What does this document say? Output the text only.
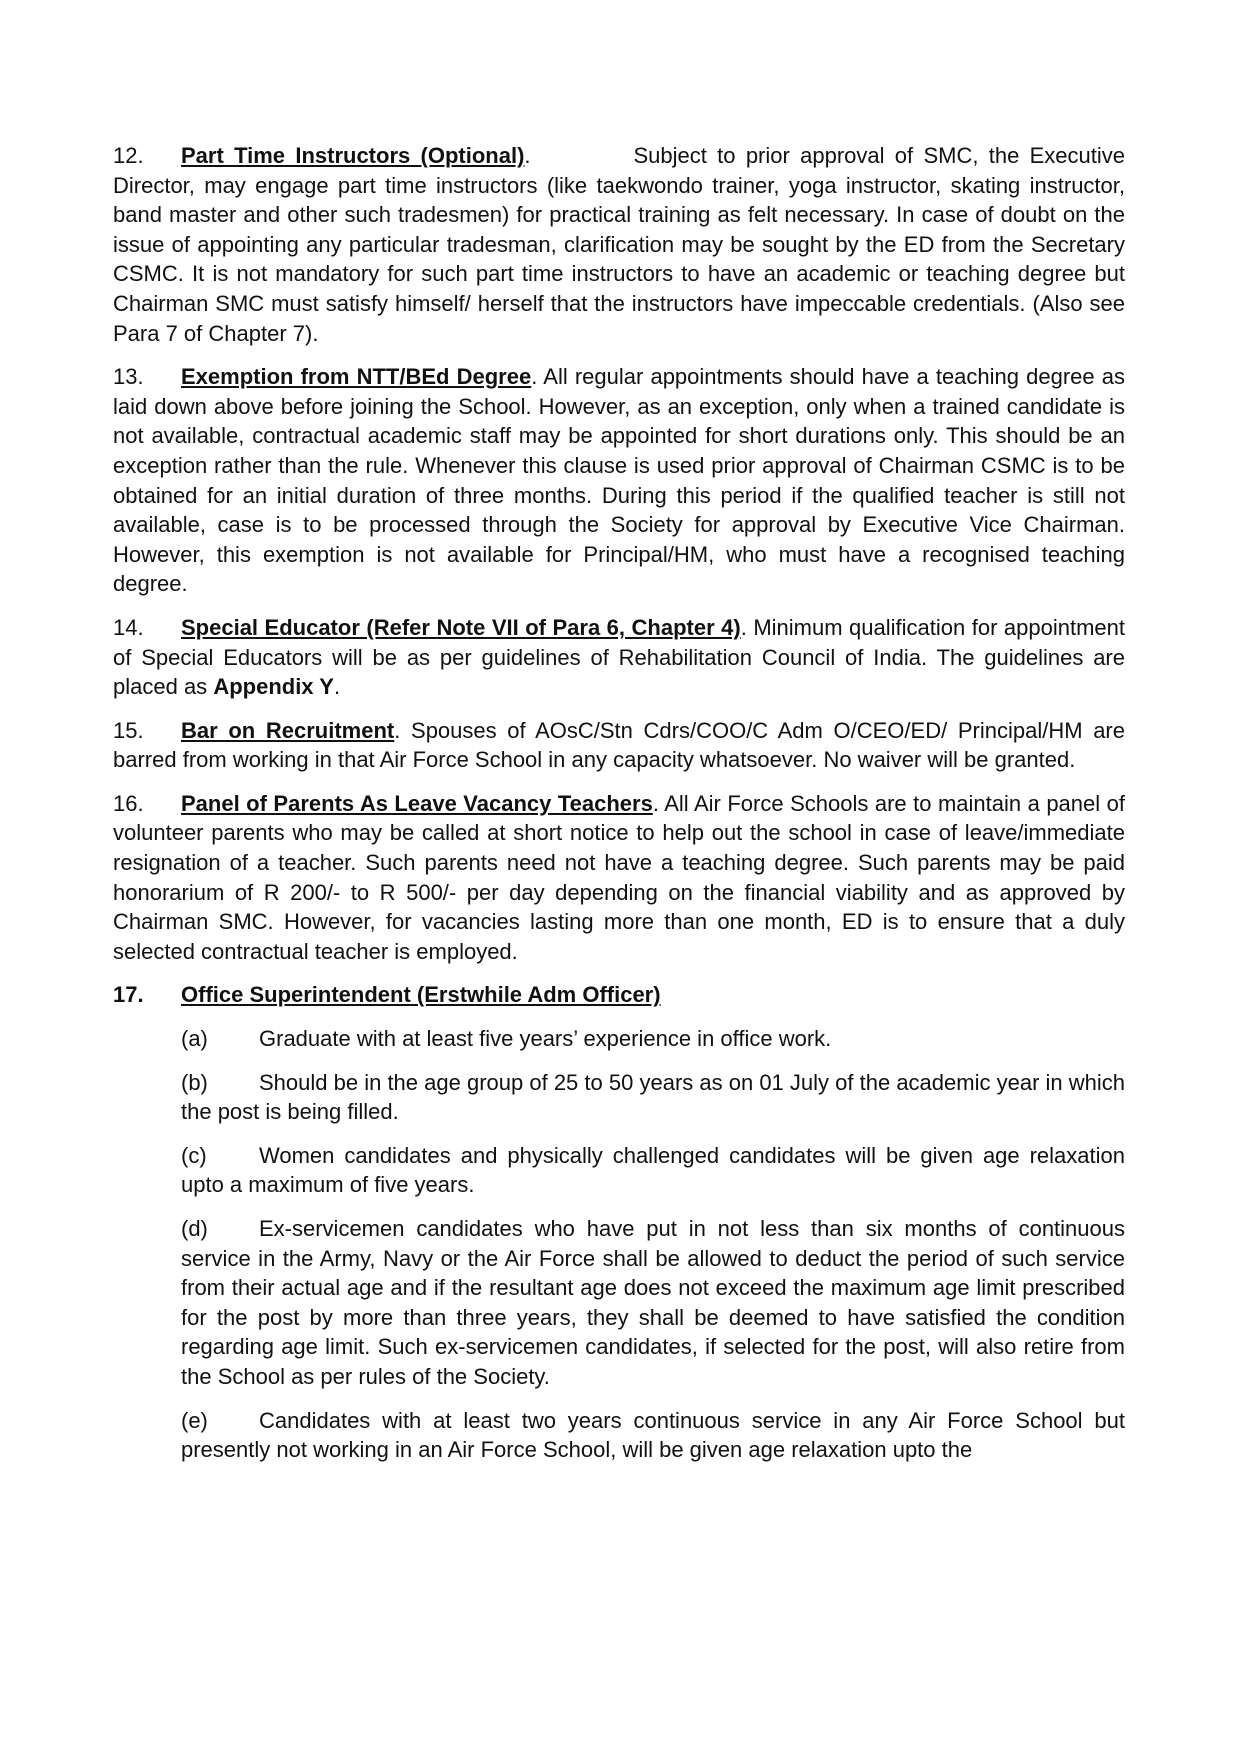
12. Part Time Instructors (Optional).	Subject to prior approval of SMC, the Executive Director, may engage part time instructors (like taekwondo trainer, yoga instructor, skating instructor, band master and other such tradesmen) for practical training as felt necessary. In case of doubt on the issue of appointing any particular tradesman, clarification may be sought by the ED from the Secretary CSMC. It is not mandatory for such part time instructors to have an academic or teaching degree but Chairman SMC must satisfy himself/ herself that the instructors have impeccable credentials. (Also see Para 7 of Chapter 7).

13. Exemption from NTT/BEd Degree. All regular appointments should have a teaching degree as laid down above before joining the School. However, as an exception, only when a trained candidate is not available, contractual academic staff may be appointed for short durations only. This should be an exception rather than the rule. Whenever this clause is used prior approval of Chairman CSMC is to be obtained for an initial duration of three months. During this period if the qualified teacher is still not available, case is to be processed through the Society for approval by Executive Vice Chairman. However, this exemption is not available for Principal/HM, who must have a recognised teaching degree.

14. Special Educator (Refer Note VII of Para 6, Chapter 4). Minimum qualification for appointment of Special Educators will be as per guidelines of Rehabilitation Council of India. The guidelines are placed as Appendix Y.

15. Bar on Recruitment. Spouses of AOsC/Stn Cdrs/COO/C Adm O/CEO/ED/ Principal/HM are barred from working in that Air Force School in any capacity whatsoever. No waiver will be granted.

16. Panel of Parents As Leave Vacancy Teachers. All Air Force Schools are to maintain a panel of volunteer parents who may be called at short notice to help out the school in case of leave/immediate resignation of a teacher. Such parents need not have a teaching degree. Such parents may be paid honorarium of R 200/- to R 500/- per day depending on the financial viability and as approved by Chairman SMC. However, for vacancies lasting more than one month, ED is to ensure that a duly selected contractual teacher is employed.

17. Office Superintendent (Erstwhile Adm Officer)

(a) Graduate with at least five years’ experience in office work.

(b) Should be in the age group of 25 to 50 years as on 01 July of the academic year in which the post is being filled.

(c) Women candidates and physically challenged candidates will be given age relaxation upto a maximum of five years.

(d) Ex-servicemen candidates who have put in not less than six months of continuous service in the Army, Navy or the Air Force shall be allowed to deduct the period of such service from their actual age and if the resultant age does not exceed the maximum age limit prescribed for the post by more than three years, they shall be deemed to have satisfied the condition regarding age limit. Such ex-servicemen candidates, if selected for the post, will also retire from the School as per rules of the Society.

(e) Candidates with at least two years continuous service in any Air Force School but presently not working in an Air Force School, will be given age relaxation upto the
